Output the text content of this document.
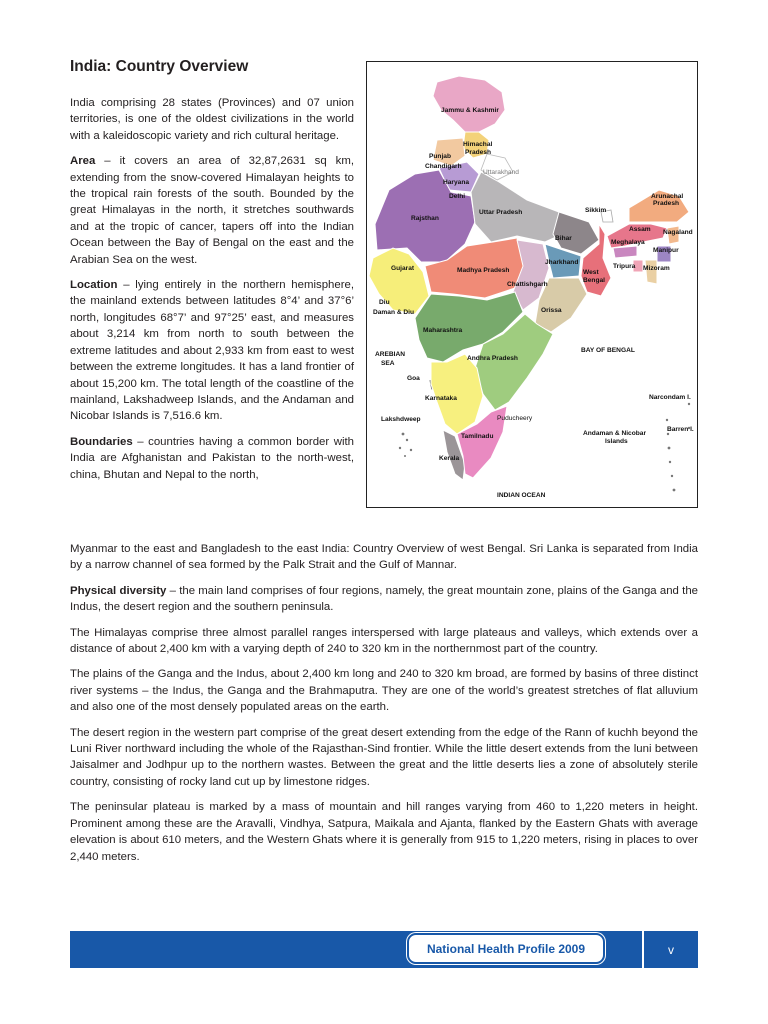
India: Country Overview

India comprising 28 states (Provinces) and 07 union territories, is one of the oldest civilizations in the world with a kaleidoscopic variety and rich cultural heritage.

Area – it covers an area of 32,87,2631 sq km, extending from the snow-covered Himalayan heights to the tropical rain forests of the south. Bounded by the great Himalayas in the north, it stretches southwards and at the tropic of cancer, tapers off into the Indian Ocean between the Bay of Bengal on the east and the Arabian Sea on the west.

Location – lying entirely in the northern hemisphere, the mainland extends between latitudes 8°4’ and 37°6’ north, longitudes 68°7’ and 97°25’ east, and measures about 3,214 km from north to south between the extreme latitudes and about 2,933 km from east to west between the extreme longitudes. It has a land frontier of about 15,200 km. The total length of the coastline of the mainland, Lakshadweep Islands, and the Andaman and Nicobar Islands is 7,516.6 km.

Boundaries – countries having a common border with India are Afghanistan and Pakistan to the north-west, china, Bhutan and Nepal to the north,

Jammu & Kashmir
Himachal
Pradesh
Punjab
Chandigarh
Uttarakhand
Haryana
Delhi
Rajsthan
Uttar Pradesh	Sikkim
Arunachal
Pradesh
Assam Nagaland
Meghalaya
Manipur
Bihar
Gujarat	Madhya Pradesh
Jharkhand
West
Bengal
Tripura Mizoram
Chattishgarh
Diu
Daman & Diu	Orissa
Maharashtra
AREBIAN
SEA
Andhra Pradesh
BAY OF BENGAL
Goa
Karnataka	Narcondam I.
Lakshdweep	Puducheery
Andaman & Nicobar
Islands
Barren I.
Tamilnadu
Kerala
INDIAN OCEAN

Myanmar to the east and Bangladesh to the east India: Country Overview of west Bengal. Sri Lanka is separated from India by a narrow channel of sea formed by the Palk Strait and the Gulf of Mannar.

Physical diversity – the main land comprises of four regions, namely, the great mountain zone, plains of the Ganga and the Indus, the desert region and the southern peninsula.

The Himalayas comprise three almost parallel ranges interspersed with large plateaus and valleys, which extends over a distance of about 2,400 km with a varying depth of 240 to 320 km in the northernmost part of the country.

The plains of the Ganga and the Indus, about 2,400 km long and 240 to 320 km broad, are formed by basins of three distinct river systems – the Indus, the Ganga and the Brahmaputra. They are one of the world’s greatest stretches of flat alluvium and also one of the most densely populated areas on the earth.

The desert region in the western part comprise of the great desert extending from the edge of the Rann of kuchh beyond the Luni River northward including the whole of the Rajasthan-Sind frontier. While the little desert extends from the luni between Jaisalmer and Jodhpur up to the northern wastes. Between the great and the little deserts lies a zone of absolutely sterile country, consisting of rocky land cut up by limestone ridges.

The peninsular plateau is marked by a mass of mountain and hill ranges varying from 460 to 1,220 meters in height. Prominent among these are the Aravalli, Vindhya, Satpura, Maikala and Ajanta, flanked by the Eastern Ghats with average elevation is about 610 meters, and the Western Ghats where it is generally from 915 to 1,220 meters, rising in places to over 2,440 meters.

National Health Profile 2009	v
